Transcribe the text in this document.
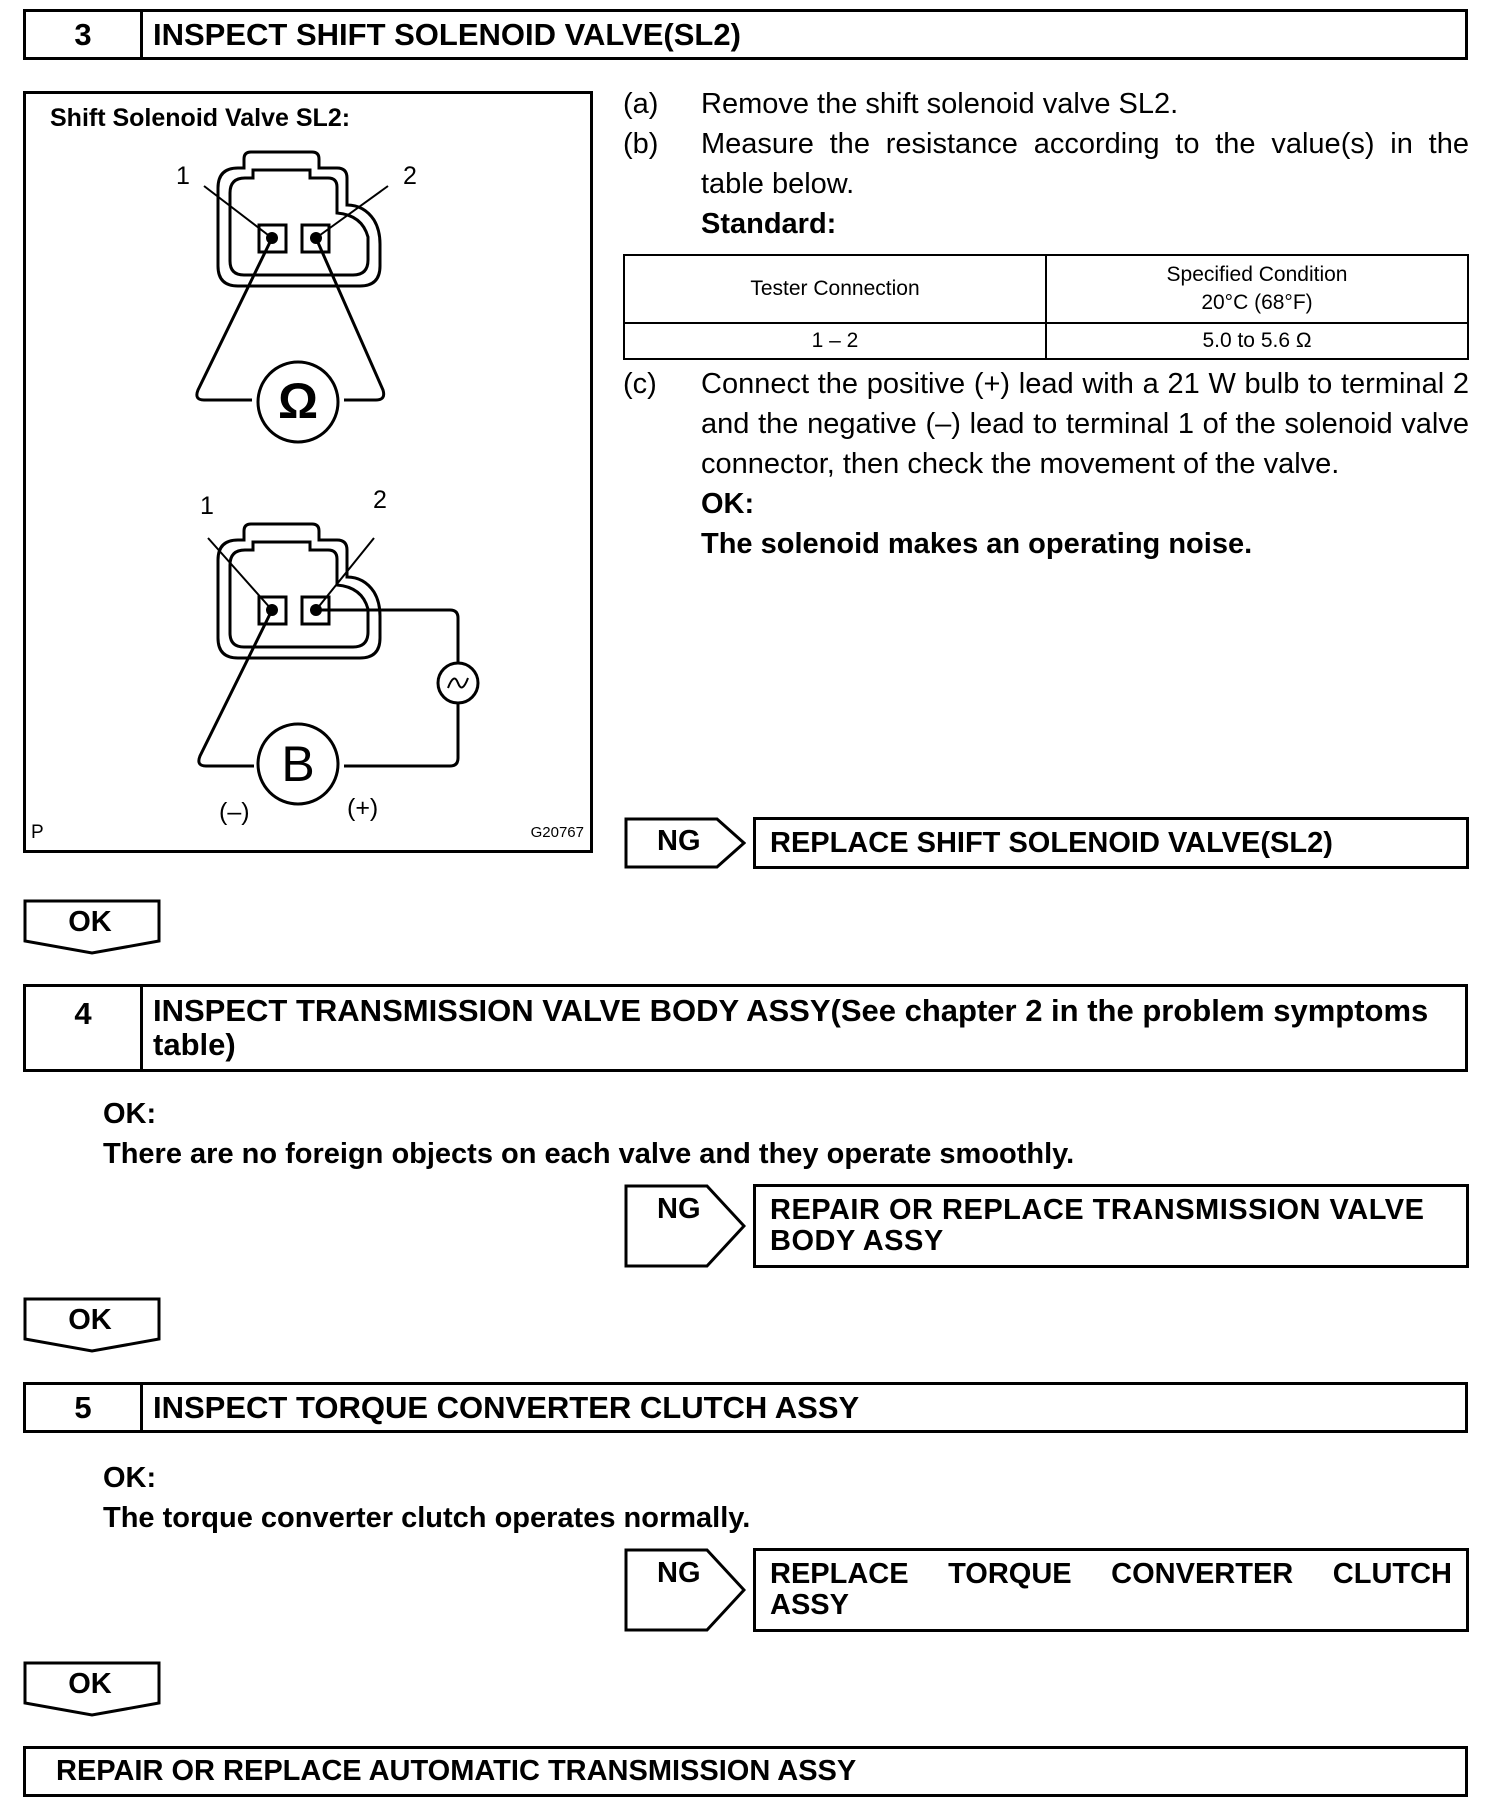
3	INSPECT SHIFT SOLENOID VALVE(SL2)
Shift Solenoid Valve SL2:
1	2
Ω
1	2
B
(–)	(+)
P	G20767
(a)	Remove the shift solenoid valve SL2.
(b)	Measure the resistance according to the value(s) in the table below.
Standard:
Tester Connection	Specified Condition
20°C (68°F)

1 – 2	5.0 to 5.6 Ω
(c)	Connect the positive (+) lead with a 21 W bulb to terminal 2 and the negative (–) lead to terminal 1 of the solenoid valve connector, then check the movement of the valve.
OK:
The solenoid makes an operating noise.
NG	REPLACE SHIFT SOLENOID VALVE(SL2)
OK
4	INSPECT TRANSMISSION VALVE BODY ASSY(See chapter 2 in the problem symptoms table)
OK:
There are no foreign objects on each valve and they operate smoothly.
NG	REPAIR OR REPLACE TRANSMISSION VALVE BODY ASSY
OK
5	INSPECT TORQUE CONVERTER CLUTCH ASSY
OK:
The torque converter clutch operates normally.
NG	REPLACE TORQUE CONVERTER CLUTCH ASSY
OK
REPAIR OR REPLACE AUTOMATIC TRANSMISSION ASSY
